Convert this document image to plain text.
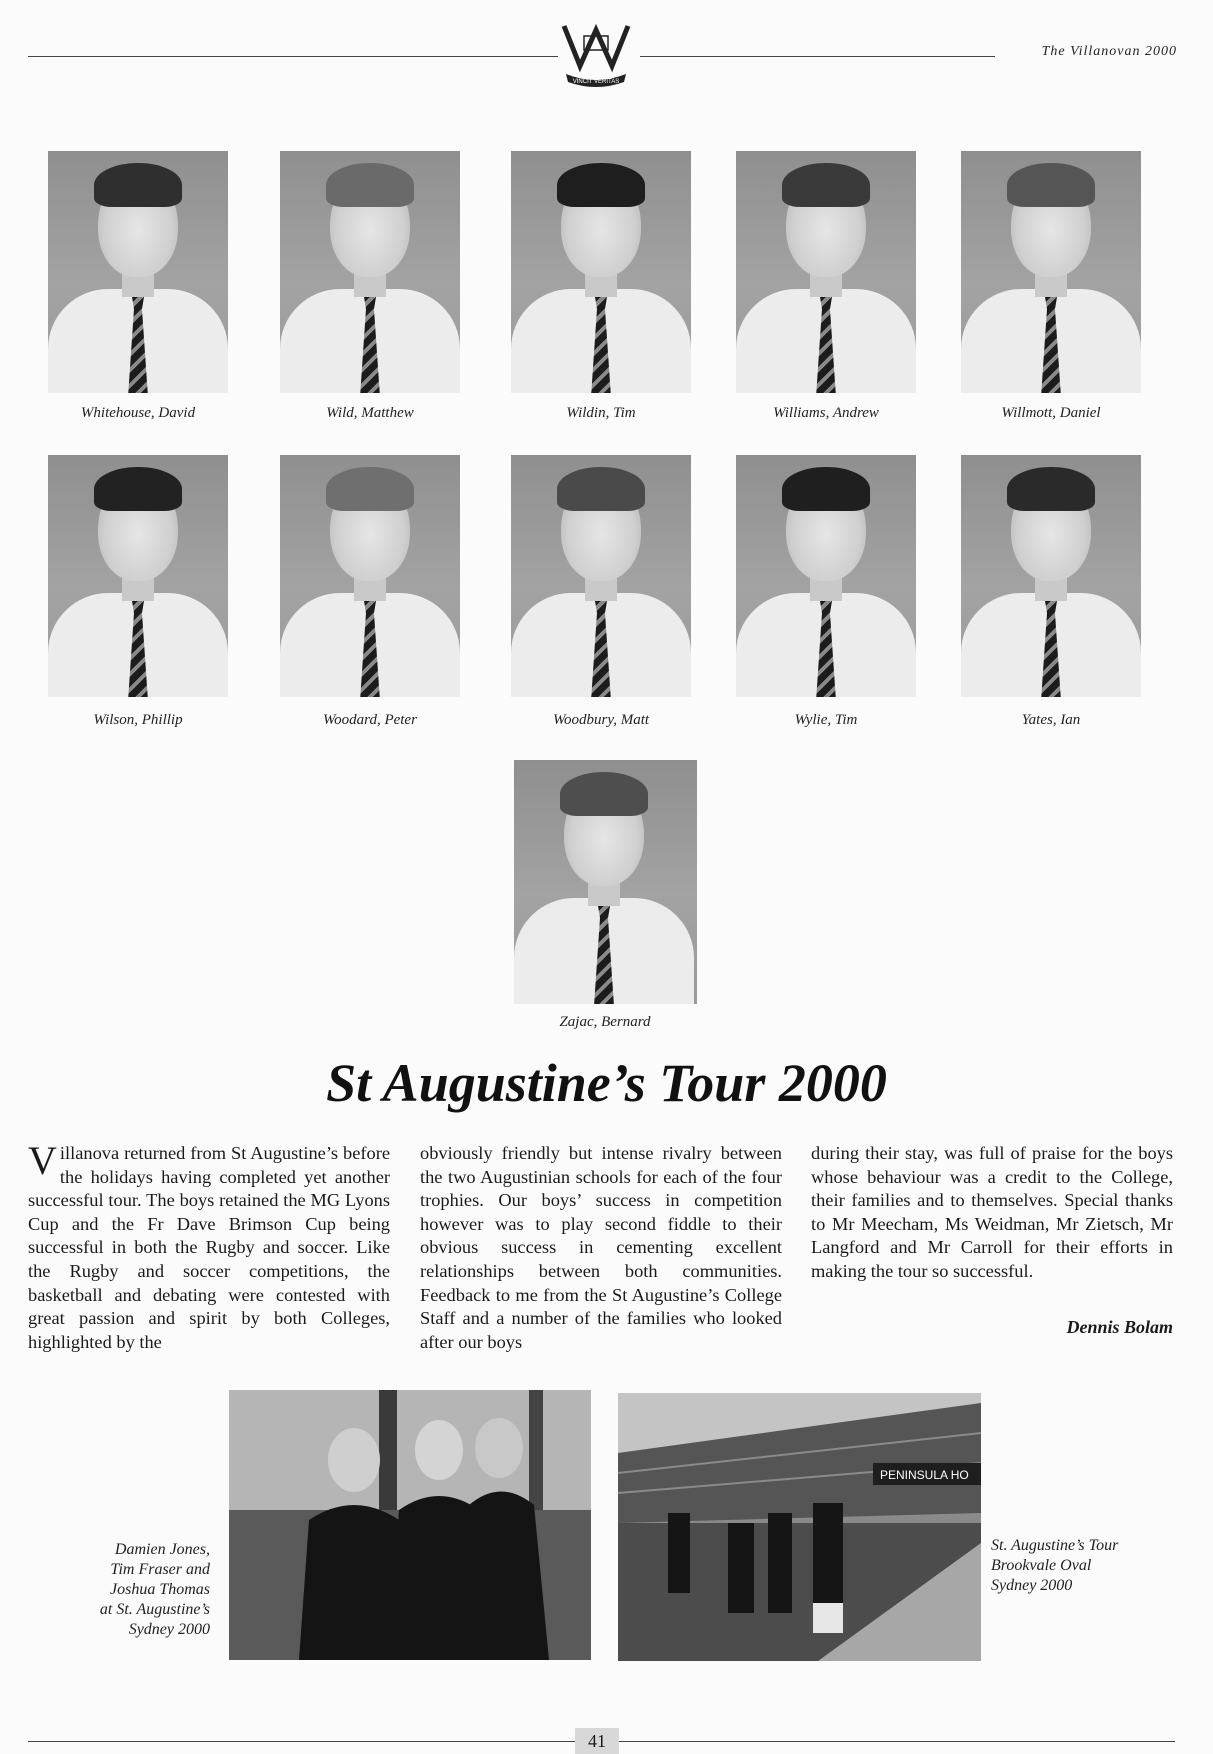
The Villanovan 2000
VINCIT VERITAS
Whitehouse, David	Wild, Matthew	Wildin, Tim	Williams, Andrew	Willmott, Daniel
Wilson, Phillip	Woodard, Peter	Woodbury, Matt	Wylie, Tim	Yates, Ian
Zajac, Bernard
St Augustine’s Tour 2000
Villanova returned from St Augustine’s before the holidays having completed yet another successful tour. The boys retained the MG Lyons Cup and the Fr Dave Brimson Cup being successful in both the Rugby and soccer. Like the Rugby and soccer competitions, the basketball and debating were contested with great passion and spirit by both Colleges, highlighted by the
obviously friendly but intense rivalry between the two Augustinian schools for each of the four trophies. Our boys’ success in competition however was to play second fiddle to their obvious success in cementing excellent relationships between both communities. Feedback to me from the St Augustine’s College Staff and a number of the families who looked after our boys
during their stay, was full of praise for the boys whose behaviour was a credit to the College, their families and to themselves. Special thanks to Mr Meecham, Ms Weidman, Mr Zietsch, Mr Langford and Mr Carroll for their efforts in making the tour so successful.
Dennis Bolam
Damien Jones,
Tim Fraser and
Joshua Thomas
at St. Augustine’s
Sydney 2000
PENINSULA HO
St. Augustine’s Tour
Brookvale Oval
Sydney 2000
41
